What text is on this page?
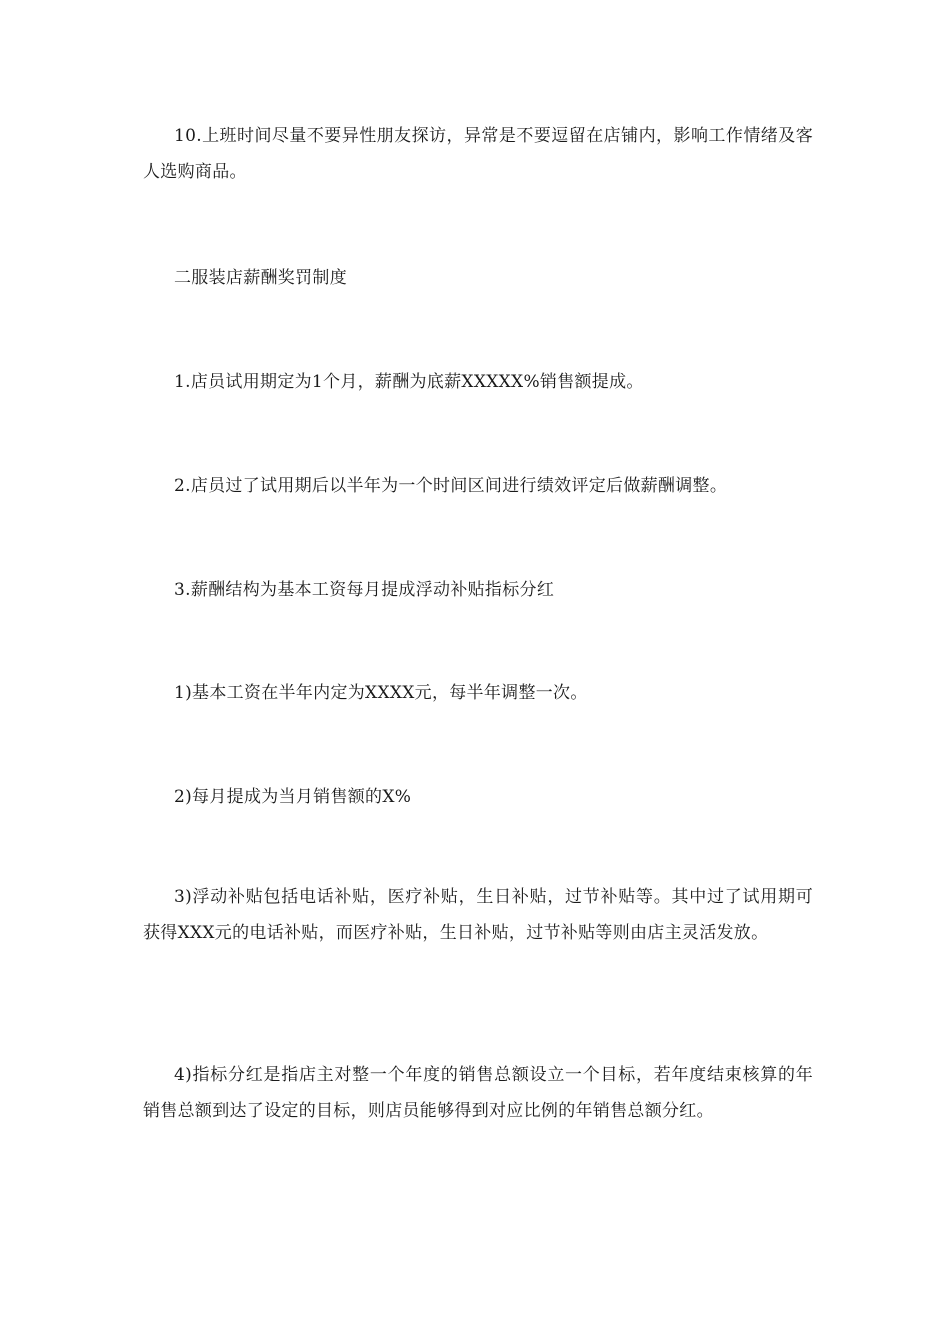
10.上班时间尽量不要异性朋友探访，异常是不要逗留在店铺内，影响工作情绪及客人选购商品。

二服装店薪酬奖罚制度

1.店员试用期定为1个月，薪酬为底薪XXXXX%销售额提成。

2.店员过了试用期后以半年为一个时间区间进行绩效评定后做薪酬调整。

3.薪酬结构为基本工资每月提成浮动补贴指标分红

1)基本工资在半年内定为XXXX元，每半年调整一次。

2)每月提成为当月销售额的X%

3)浮动补贴包括电话补贴，医疗补贴，生日补贴，过节补贴等。其中过了试用期可获得XXX元的电话补贴，而医疗补贴，生日补贴，过节补贴等则由店主灵活发放。

4)指标分红是指店主对整一个年度的销售总额设立一个目标，若年度结束核算的年销售总额到达了设定的目标，则店员能够得到对应比例的年销售总额分红。
